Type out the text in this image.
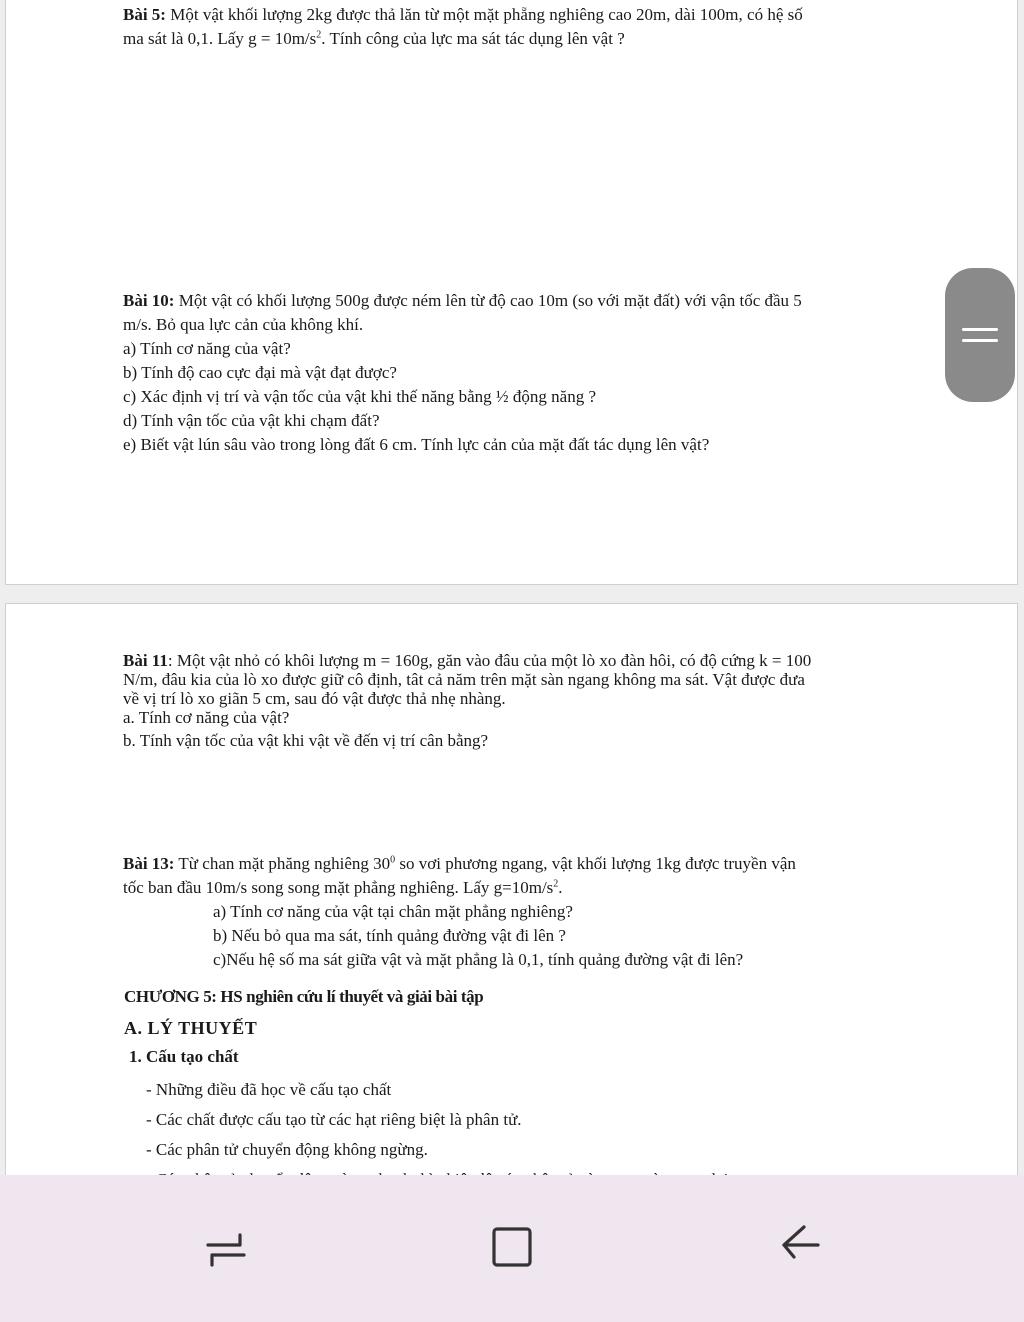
Bài 5: Một vật khối lượng 2kg được thả lăn từ một mặt phẵng nghiêng cao 20m, dài 100m, có hệ số

ma sát là 0,1. Lấy $g = 10m/s^2$. Tính công của lực ma sát tác dụng lên vật ?

Bài 10: Một vật có khối lượng 500g được ném lên từ độ cao 10m (so với mặt đất) với vận tốc đầu 5

m/s. Bỏ qua lực cản của không khí.

a) Tính cơ năng của vật?

b) Tính độ cao cực đại mà vật đạt được?

c) Xác định vị trí và vận tốc của vật khi thế năng bằng ½ động năng ?

d) Tính vận tốc của vật khi chạm đất?

e) Biết vật lún sâu vào trong lòng đất 6 cm. Tính lực cản của mặt đất tác dụng lên vật?

Bài 11: Một vật nhỏ có khôi lượng m = 160g, găn vào đâu của một lò xo đàn hôi, có độ cứng k = 100

N/m, đâu kia của lò xo được giữ cô định, tât cả năm trên mặt sàn ngang không ma sát. Vật được đưa

về vị trí lò xo giãn 5 cm, sau đó vật được thả nhẹ nhàng.

a. Tính cơ năng của vật?

b. Tính vận tốc của vật khi vật về đến vị trí cân bằng?

Bài 13: Từ chan mặt phăng nghiêng $30^0$ so vơi phương ngang, vật khối lượng 1kg được truyền vận

tốc ban đầu 10m/s song song mặt phẳng nghiêng. Lấy $g=10m/s^2$.

a) Tính cơ năng của vật tại chân mặt phẳng nghiêng?

b) Nếu bỏ qua ma sát, tính quảng đường vật đi lên ?

c)Nếu hệ số ma sát giữa vật và mặt phẳng là 0,1, tính quảng đường vật đi lên?

CHƯƠNG 5: HS nghiên cứu lí thuyết và giải bài tập
A. LÝ THUYẾT
1. Cấu tạo chất

- Những điều đã học về cấu tạo chất

- Các chất được cấu tạo từ các hạt riêng biệt là phân tử.

- Các phân tử chuyển động không ngừng.
